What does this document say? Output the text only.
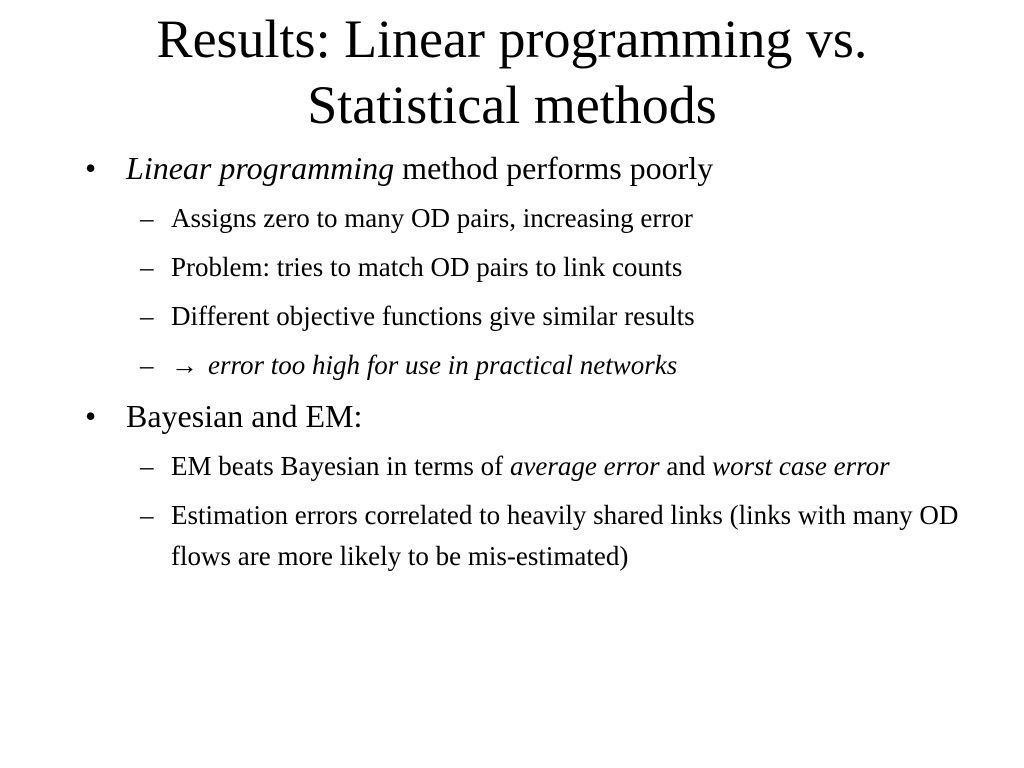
Results: Linear programming vs.
Statistical methods
• Linear programming method performs poorly
– Assigns zero to many OD pairs, increasing error
– Problem: tries to match OD pairs to link counts
– Different objective functions give similar results
– → error too high for use in practical networks
• Bayesian and EM:
– EM beats Bayesian in terms of average error and worst case error
– Estimation errors correlated to heavily shared links (links with many OD flows are more likely to be mis-estimated)
